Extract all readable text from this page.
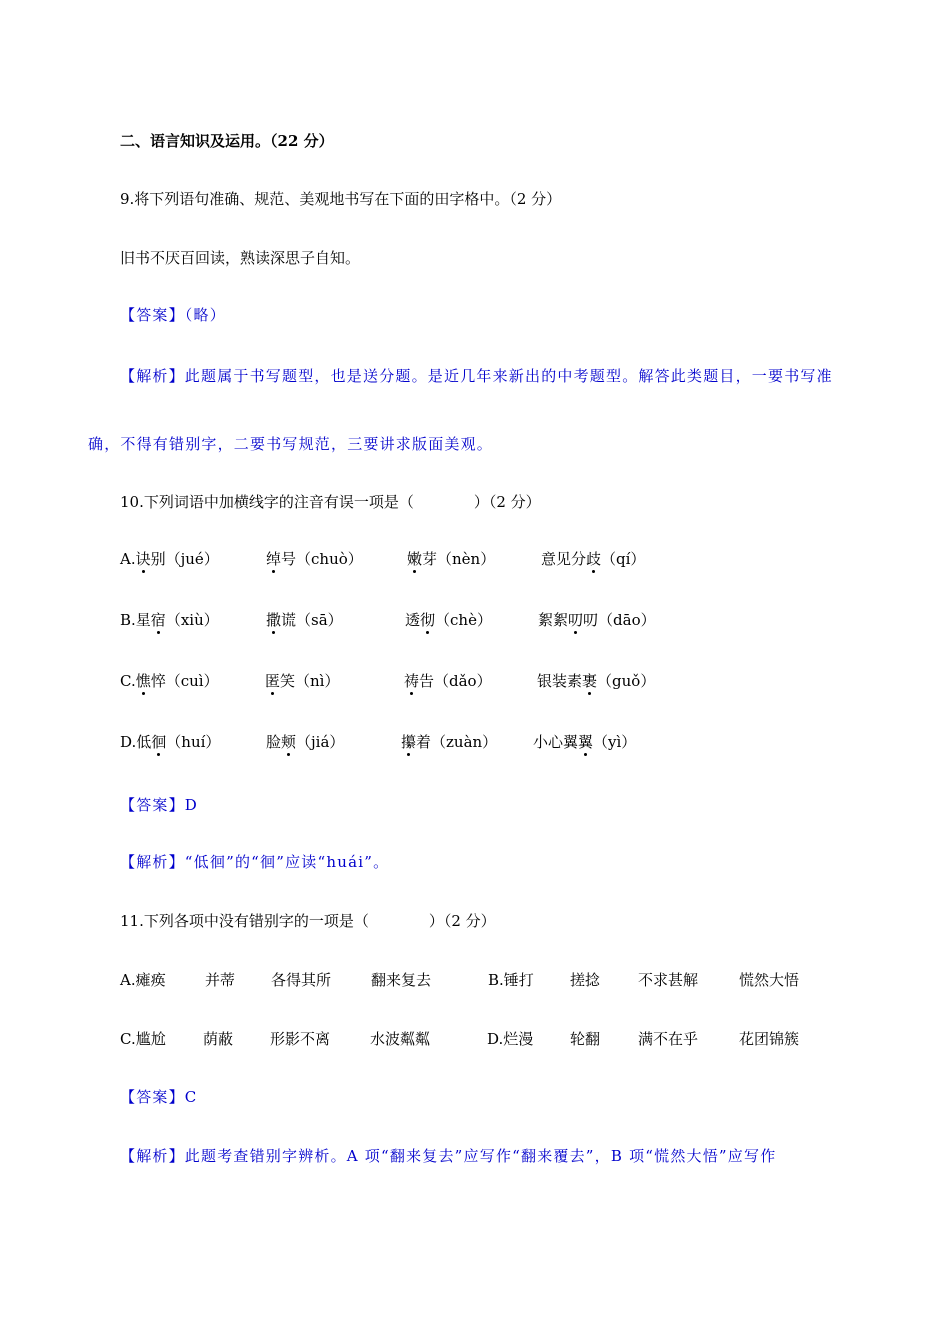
二、语言知识及运用。（22 分）
9.将下列语句准确、规范、美观地书写在下面的田字格中。（2 分）
旧书不厌百回读，熟读深思子自知。
【答案】（略）
【解析】此题属于书写题型，也是送分题。是近几年来新出的中考题型。解答此类题目，一要书写准
确，不得有错别字，二要书写规范，三要讲求版面美观。
10.下列词语中加横线字的注音有误一项是（　　　　）（2 分）
A.诀别（jué）	绰号（chuò）	嫩芽（nèn）	意见分歧（qí）
B.星宿（xiù）	撒谎（sā）	透彻（chè）	絮絮叨叨（dāo）
C.憔悴（cuì）	匿笑（nì）	祷告（dǎo）	银装素裹（guǒ）
D.低徊（huí）	脸颊（jiá）	攥着（zuàn） 小心翼翼（yì）
【答案】D
【解析】“低徊”的“徊”应读“huái”。
11.下列各项中没有错别字的一项是（　　　　）（2 分）
A.瘫痪	并蒂 各得其所	翻来复去	B.锤打 搓捻	不求甚解	慌然大悟
C.尴尬 荫蔽 形影不离	水波粼粼	D.烂漫 轮翻	满不在乎	花团锦簇
【答案】C
【解析】此题考查错别字辨析。A 项“翻来复去”应写作“翻来覆去”，B 项“慌然大悟”应写作
